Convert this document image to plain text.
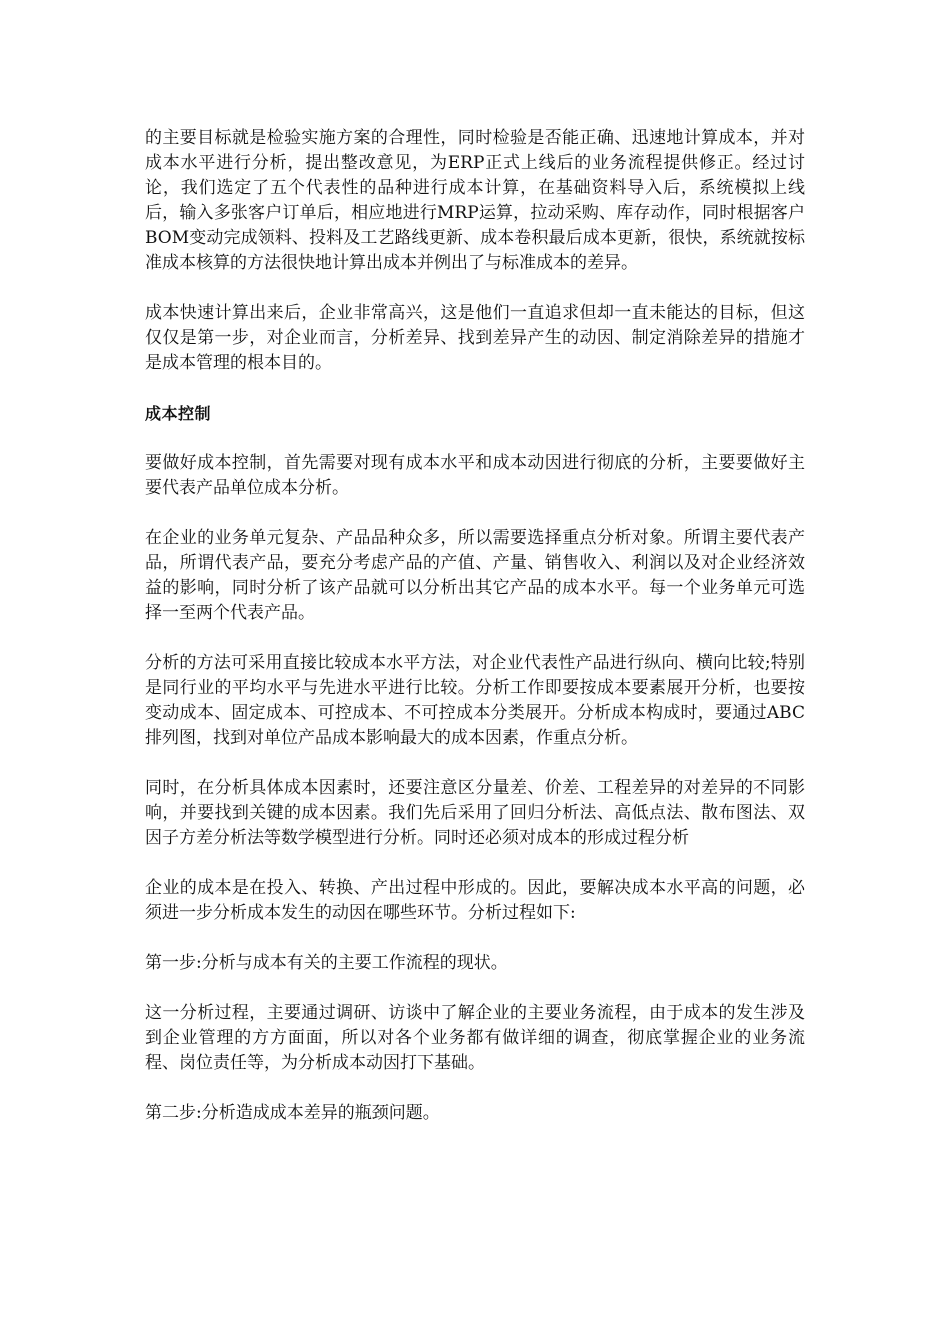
的主要目标就是检验实施方案的合理性，同时检验是否能正确、迅速地计算成本，并对成本水平进行分析，提出整改意见，为ERP正式上线后的业务流程提供修正。经过讨论，我们选定了五个代表性的品种进行成本计算，在基础资料导入后，系统模拟上线后，输入多张客户订单后，相应地进行MRP运算，拉动采购、库存动作，同时根据客户BOM变动完成领料、投料及工艺路线更新、成本卷积最后成本更新，很快，系统就按标准成本核算的方法很快地计算出成本并例出了与标准成本的差异。

成本快速计算出来后，企业非常高兴，这是他们一直追求但却一直未能达的目标，但这仅仅是第一步，对企业而言，分析差异、找到差异产生的动因、制定消除差异的措施才是成本管理的根本目的。

成本控制

要做好成本控制，首先需要对现有成本水平和成本动因进行彻底的分析，主要要做好主要代表产品单位成本分析。

在企业的业务单元复杂、产品品种众多，所以需要选择重点分析对象。所谓主要代表产品，所谓代表产品，要充分考虑产品的产值、产量、销售收入、利润以及对企业经济效益的影响，同时分析了该产品就可以分析出其它产品的成本水平。每一个业务单元可选择一至两个代表产品。

分析的方法可采用直接比较成本水平方法，对企业代表性产品进行纵向、横向比较;特别是同行业的平均水平与先进水平进行比较。分析工作即要按成本要素展开分析，也要按变动成本、固定成本、可控成本、不可控成本分类展开。分析成本构成时，要通过ABC排列图，找到对单位产品成本影响最大的成本因素，作重点分析。

同时，在分析具体成本因素时，还要注意区分量差、价差、工程差异的对差异的不同影响，并要找到关键的成本因素。我们先后采用了回归分析法、高低点法、散布图法、双因子方差分析法等数学模型进行分析。同时还必须对成本的形成过程分析

企业的成本是在投入、转换、产出过程中形成的。因此，要解决成本水平高的问题，必须进一步分析成本发生的动因在哪些环节。分析过程如下:

第一步:分析与成本有关的主要工作流程的现状。

这一分析过程，主要通过调研、访谈中了解企业的主要业务流程，由于成本的发生涉及到企业管理的方方面面，所以对各个业务都有做详细的调查，彻底掌握企业的业务流程、岗位责任等，为分析成本动因打下基础。

第二步:分析造成成本差异的瓶颈问题。
